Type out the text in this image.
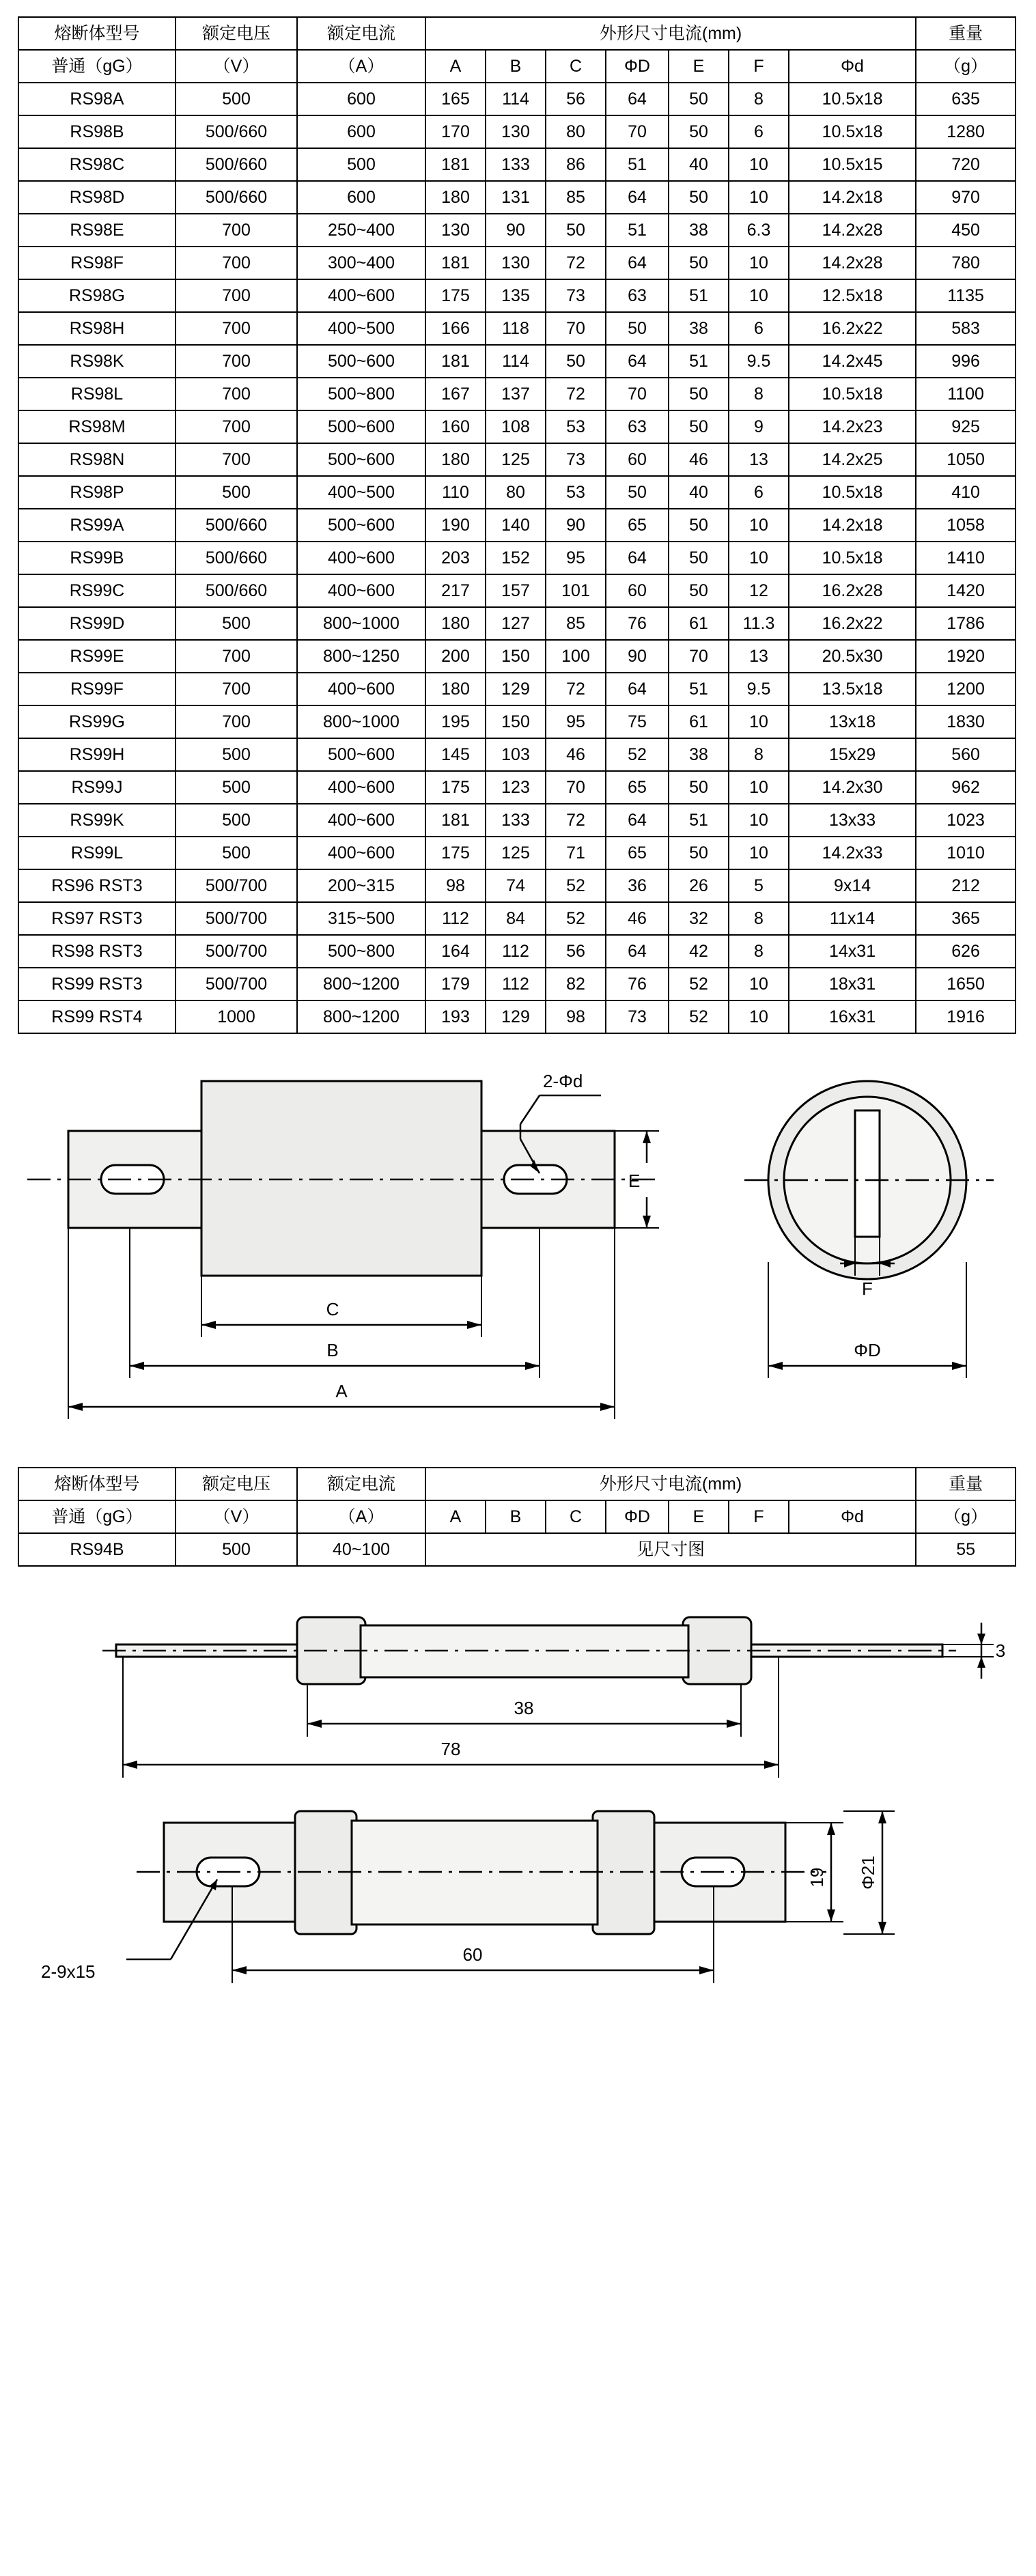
熔断体型号	额定电压	额定电流	外形尺寸电流(mm)							重量
普通（gG）	（V）	（A）	A	B	C	ΦD	E	F	Φd	（g）
RS98A	500	600	165	114	56	64	50	8	10.5x18	635
RS98B	500/660	600	170	130	80	70	50	6	10.5x18	1280
RS98C	500/660	500	181	133	86	51	40	10	10.5x15	720
RS98D	500/660	600	180	131	85	64	50	10	14.2x18	970
RS98E	700	250~400	130	90	50	51	38	6.3	14.2x28	450
RS98F	700	300~400	181	130	72	64	50	10	14.2x28	780
RS98G	700	400~600	175	135	73	63	51	10	12.5x18	1135
RS98H	700	400~500	166	118	70	50	38	6	16.2x22	583
RS98K	700	500~600	181	114	50	64	51	9.5	14.2x45	996
RS98L	700	500~800	167	137	72	70	50	8	10.5x18	1100
RS98M	700	500~600	160	108	53	63	50	9	14.2x23	925
RS98N	700	500~600	180	125	73	60	46	13	14.2x25	1050
RS98P	500	400~500	110	80	53	50	40	6	10.5x18	410
RS99A	500/660	500~600	190	140	90	65	50	10	14.2x18	1058
RS99B	500/660	400~600	203	152	95	64	50	10	10.5x18	1410
RS99C	500/660	400~600	217	157	101	60	50	12	16.2x28	1420
RS99D	500	800~1000	180	127	85	76	61	11.3	16.2x22	1786
RS99E	700	800~1250	200	150	100	90	70	13	20.5x30	1920
RS99F	700	400~600	180	129	72	64	51	9.5	13.5x18	1200
RS99G	700	800~1000	195	150	95	75	61	10	13x18	1830
RS99H	500	500~600	145	103	46	52	38	8	15x29	560
RS99J	500	400~600	175	123	70	65	50	10	14.2x30	962
RS99K	500	400~600	181	133	72	64	51	10	13x33	1023
RS99L	500	400~600	175	125	71	65	50	10	14.2x33	1010
RS96 RST3	500/700	200~315	98	74	52	36	26	5	9x14	212
RS97 RST3	500/700	315~500	112	84	52	46	32	8	11x14	365
RS98 RST3	500/700	500~800	164	112	56	64	42	8	14x31	626
RS99 RST3	500/700	800~1200	179	112	82	76	52	10	18x31	1650
RS99 RST4	1000	800~1200	193	129	98	73	52	10	16x31	1916
2-Φd
E
C
B
A
F
ΦD
熔断体型号	额定电压	额定电流	外形尺寸电流(mm)							重量
普通（gG）	（V）	（A）	A	B	C	ΦD	E	F	Φd	（g）
RS94B	500	40~100	见尺寸图							55
3
38
78
2-9x15
19 Φ21
60
